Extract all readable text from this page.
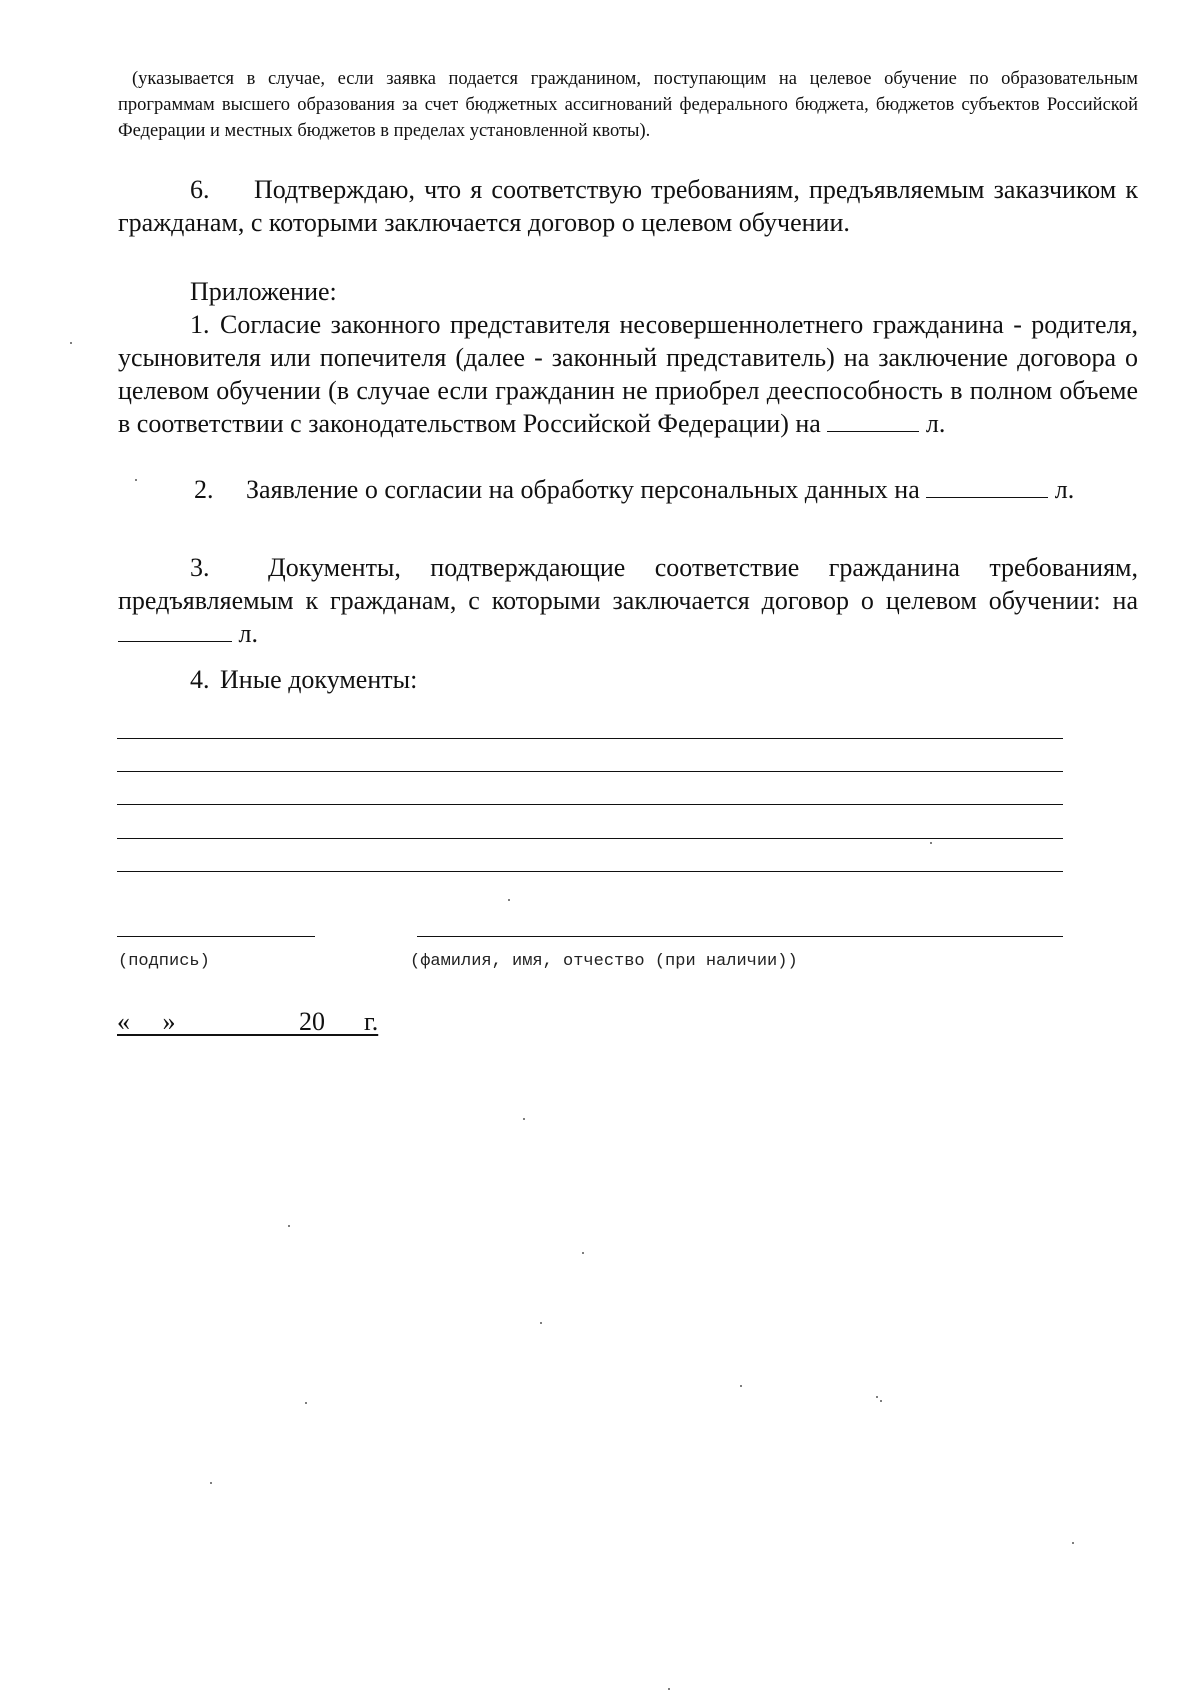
(указывается в случае, если заявка подается гражданином, поступающим на целевое обучение по образовательным программам высшего образования за счет бюджетных ассигнований федерального бюджета, бюджетов субъектов Российской Федерации и местных бюджетов в пределах установленной квоты).
6. Подтверждаю, что я соответствую требованиям, предъявляемым заказчиком к гражданам, с которыми заключается договор о целевом обучении.
Приложение:
1. Согласие законного представителя несовершеннолетнего гражданина - родителя, усыновителя или попечителя (далее - законный представитель) на заключение договора о целевом обучении (в случае если гражданин не приобрел дееспособность в полном объеме в соответствии с законодательством Российской Федерации) на	л.
2. Заявление о согласии на обработку персональных данных на	л.
3. Документы, подтверждающие соответствие гражданина требованиям, предъявляемым к гражданам, с которыми заключается договор о целевом обучении: на  л.
4. Иные документы:
(подпись)	(фамилия, имя, отчество (при наличии))
« »	20 г.
